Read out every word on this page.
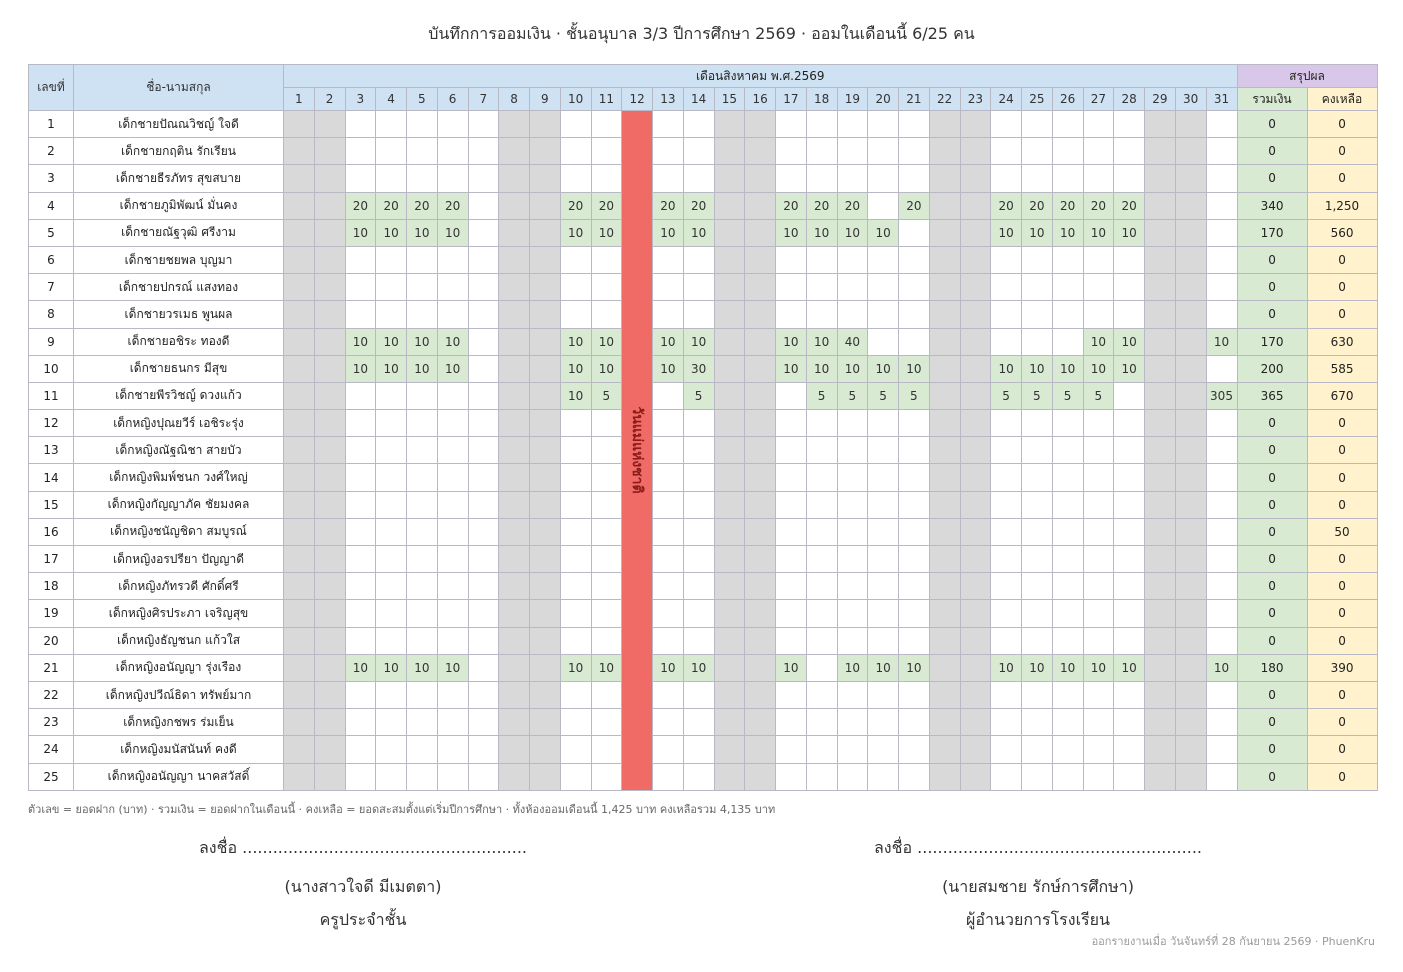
บันทึกการออมเงิน · ชั้นอนุบาล 3/3 ปีการศึกษา 2569 · ออมในเดือนนี้ 6/25 คน
เลขที่	ชื่อ-นามสกุล	เดือนสิงหาคม พ.ศ.2569																															สรุปผล	
		1	2	3	4	5	6	7	8	9	10	11	12	13	14	15	16	17	18	19	20	21	22	23	24	25	26	27	28	29	30	31	รวมเงิน	คงเหลือ
1	เด็กชายปัณณวิชญ์ ใจดี												วันแม่แห่งชาติ																				0	0
2	เด็กชายกฤติน รักเรียน																																0	0
3	เด็กชายธีรภัทร สุขสบาย																																0	0
4	เด็กชายภูมิพัฒน์ มั่นคง			20	20	20	20				20	20		20	20			20	20	20		20			20	20	20	20	20				340	1,250
5	เด็กชายณัฐวุฒิ ศรีงาม			10	10	10	10				10	10		10	10			10	10	10	10				10	10	10	10	10				170	560
6	เด็กชายชยพล บุญมา																																0	0
7	เด็กชายปกรณ์ แสงทอง																																0	0
8	เด็กชายวรเมธ พูนผล																																0	0
9	เด็กชายอชิระ ทองดี			10	10	10	10				10	10		10	10			10	10	40								10	10			10	170	630
10	เด็กชายธนกร มีสุข			10	10	10	10				10	10		10	30			10	10	10	10	10			10	10	10	10	10				200	585
11	เด็กชายพีรวิชญ์ ดวงแก้ว										10	5			5				5	5	5	5			5	5	5	5				305	365	670
12	เด็กหญิงปุณยวีร์ เอชิระรุ่ง																																0	0
13	เด็กหญิงณัฐณิชา สายบัว																																0	0
14	เด็กหญิงพิมพ์ชนก วงศ์ใหญ่																																0	0
15	เด็กหญิงกัญญาภัค ชัยมงคล																																0	0
16	เด็กหญิงชนัญชิดา สมบูรณ์																																0	50
17	เด็กหญิงอรปรียา ปัญญาดี																																0	0
18	เด็กหญิงภัทรวดี ศักดิ์ศรี																																0	0
19	เด็กหญิงศิรประภา เจริญสุข																																0	0
20	เด็กหญิงธัญชนก แก้วใส																																0	0
21	เด็กหญิงอนัญญา รุ่งเรือง			10	10	10	10				10	10		10	10			10		10	10	10			10	10	10	10	10			10	180	390
22	เด็กหญิงปวีณ์ธิดา ทรัพย์มาก																																0	0
23	เด็กหญิงกชพร ร่มเย็น																																0	0
24	เด็กหญิงมนัสนันท์ คงดี																																0	0
25	เด็กหญิงอนัญญา นาคสวัสดิ์																																0	0
ตัวเลข = ยอดฝาก (บาท) · รวมเงิน = ยอดฝากในเดือนนี้ · คงเหลือ = ยอดสะสมตั้งแต่เริ่มปีการศึกษา · ทั้งห้องออมเดือนนี้ 1,425 บาท คงเหลือรวม 4,135 บาท
ลงชื่อ ........................................................
(นางสาวใจดี มีเมตตา)
ครูประจำชั้น
ลงชื่อ ........................................................
(นายสมชาย รักษ์การศึกษา)
ผู้อำนวยการโรงเรียน
ออกรายงานเมื่อ วันจันทร์ที่ 28 กันยายน 2569 · PhuenKru
